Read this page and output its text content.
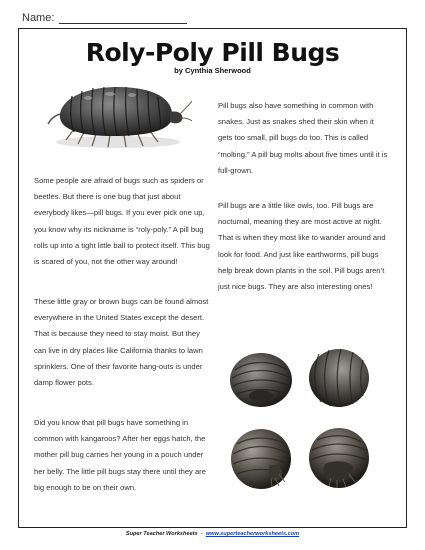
Name:
Roly-Poly Pill Bugs
by Cynthia Sherwood

Some people are afraid of bugs such as spiders or beetles. But there is one bug that just about everybody likes—pill bugs. If you ever pick one up, you know why its nickname is “roly-poly.” A pill bug rolls up into a tight little ball to protect itself. This bug is scared of you, not the other way around!

These little gray or brown bugs can be found almost everywhere in the United States except the desert. That is because they need to stay moist. But they can live in dry places like California thanks to lawn sprinklers. One of their favorite hang-outs is under damp flower pots.

Did you know that pill bugs have something in common with kangaroos? After her eggs hatch, the mother pill bug carries her young in a pouch under her belly. The little pill bugs stay there until they are big enough to be on their own.

Pill bugs also have something in common with snakes. Just as snakes shed their skin when it gets too small, pill bugs do too. This is called “molting.” A pill bug molts about five times until it is full-grown.

Pill bugs are a little like owls, too. Pill bugs are nocturnal, meaning they are most active at night. That is when they most like to wander around and look for food. And just like earthworms, pill bugs help break down plants in the soil. Pill bugs aren’t just nice bugs. They are also interesting ones!

Super Teacher Worksheets - www.superteacherworksheets.com
